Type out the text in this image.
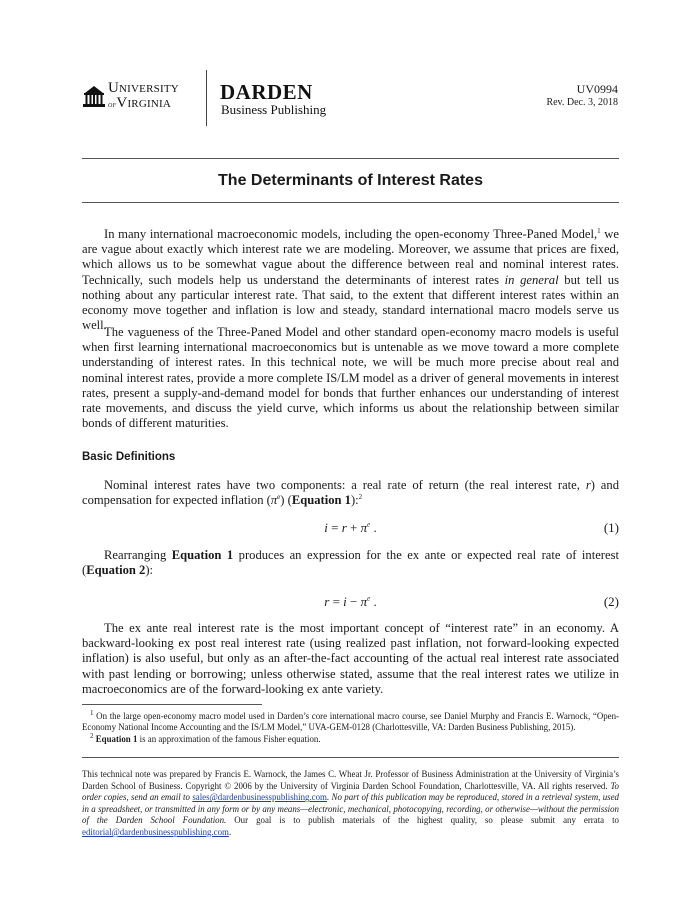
University
ofVirginia DARDEN
Business Publishing
UV0994
Rev. Dec. 3, 2018
The Determinants of Interest Rates

In many international macroeconomic models, including the open-economy Three-Paned Model,$^1$ we are vague about exactly which interest rate we are modeling. Moreover, we assume that prices are fixed, which allows us to be somewhat vague about the difference between real and nominal interest rates. Technically, such models help us understand the determinants of interest rates in general but tell us nothing about any particular interest rate. That said, to the extent that different interest rates within an economy move together and inflation is low and steady, standard international macro models serve us well.

The vagueness of the Three-Paned Model and other standard open-economy macro models is useful when first learning international macroeconomics but is untenable as we move toward a more complete understanding of interest rates. In this technical note, we will be much more precise about real and nominal interest rates, provide a more complete IS/LM model as a driver of general movements in interest rates, present a supply-and-demand model for bonds that further enhances our understanding of interest rate movements, and discuss the yield curve, which informs us about the relationship between similar bonds of different maturities.

Basic Definitions

Nominal interest rates have two components: a real rate of return (the real interest rate, r) and compensation for expected inflation $(\pi^e)$ (Equation 1):$^2$

$i = r + \pi^e$ .	(1)

Rearranging Equation 1 produces an expression for the ex ante or expected real rate of interest (Equation 2):

$r = i - \pi^e$ .	(2)

The ex ante real interest rate is the most important concept of “interest rate” in an economy. A backward-looking ex post real interest rate (using realized past inflation, not forward-looking expected inflation) is also useful, but only as an after-the-fact accounting of the actual real interest rate associated with past lending or borrowing; unless otherwise stated, assume that the real interest rates we utilize in macroeconomics are of the forward-looking ex ante variety.

$^1$ On the large open-economy macro model used in Darden’s core international macro course, see Daniel Murphy and Francis E. Warnock, “Open-Economy National Income Accounting and the IS/LM Model,” UVA-GEM-0128 (Charlottesville, VA: Darden Business Publishing, 2015).
$^2$ Equation 1 is an approximation of the famous Fisher equation.
This technical note was prepared by Francis E. Warnock, the James C. Wheat Jr. Professor of Business Administration at the University of Virginia’s Darden School of Business. Copyright © 2006 by the University of Virginia Darden School Foundation, Charlottesville, VA. All rights reserved. To order copies, send an email to sales@dardenbusinesspublishing.com. No part of this publication may be reproduced, stored in a retrieval system, used in a spreadsheet, or transmitted in any form or by any means—electronic, mechanical, photocopying, recording, or otherwise—without the permission of the Darden School Foundation. Our goal is to publish materials of the highest quality, so please submit any errata to editorial@dardenbusinesspublishing.com.
